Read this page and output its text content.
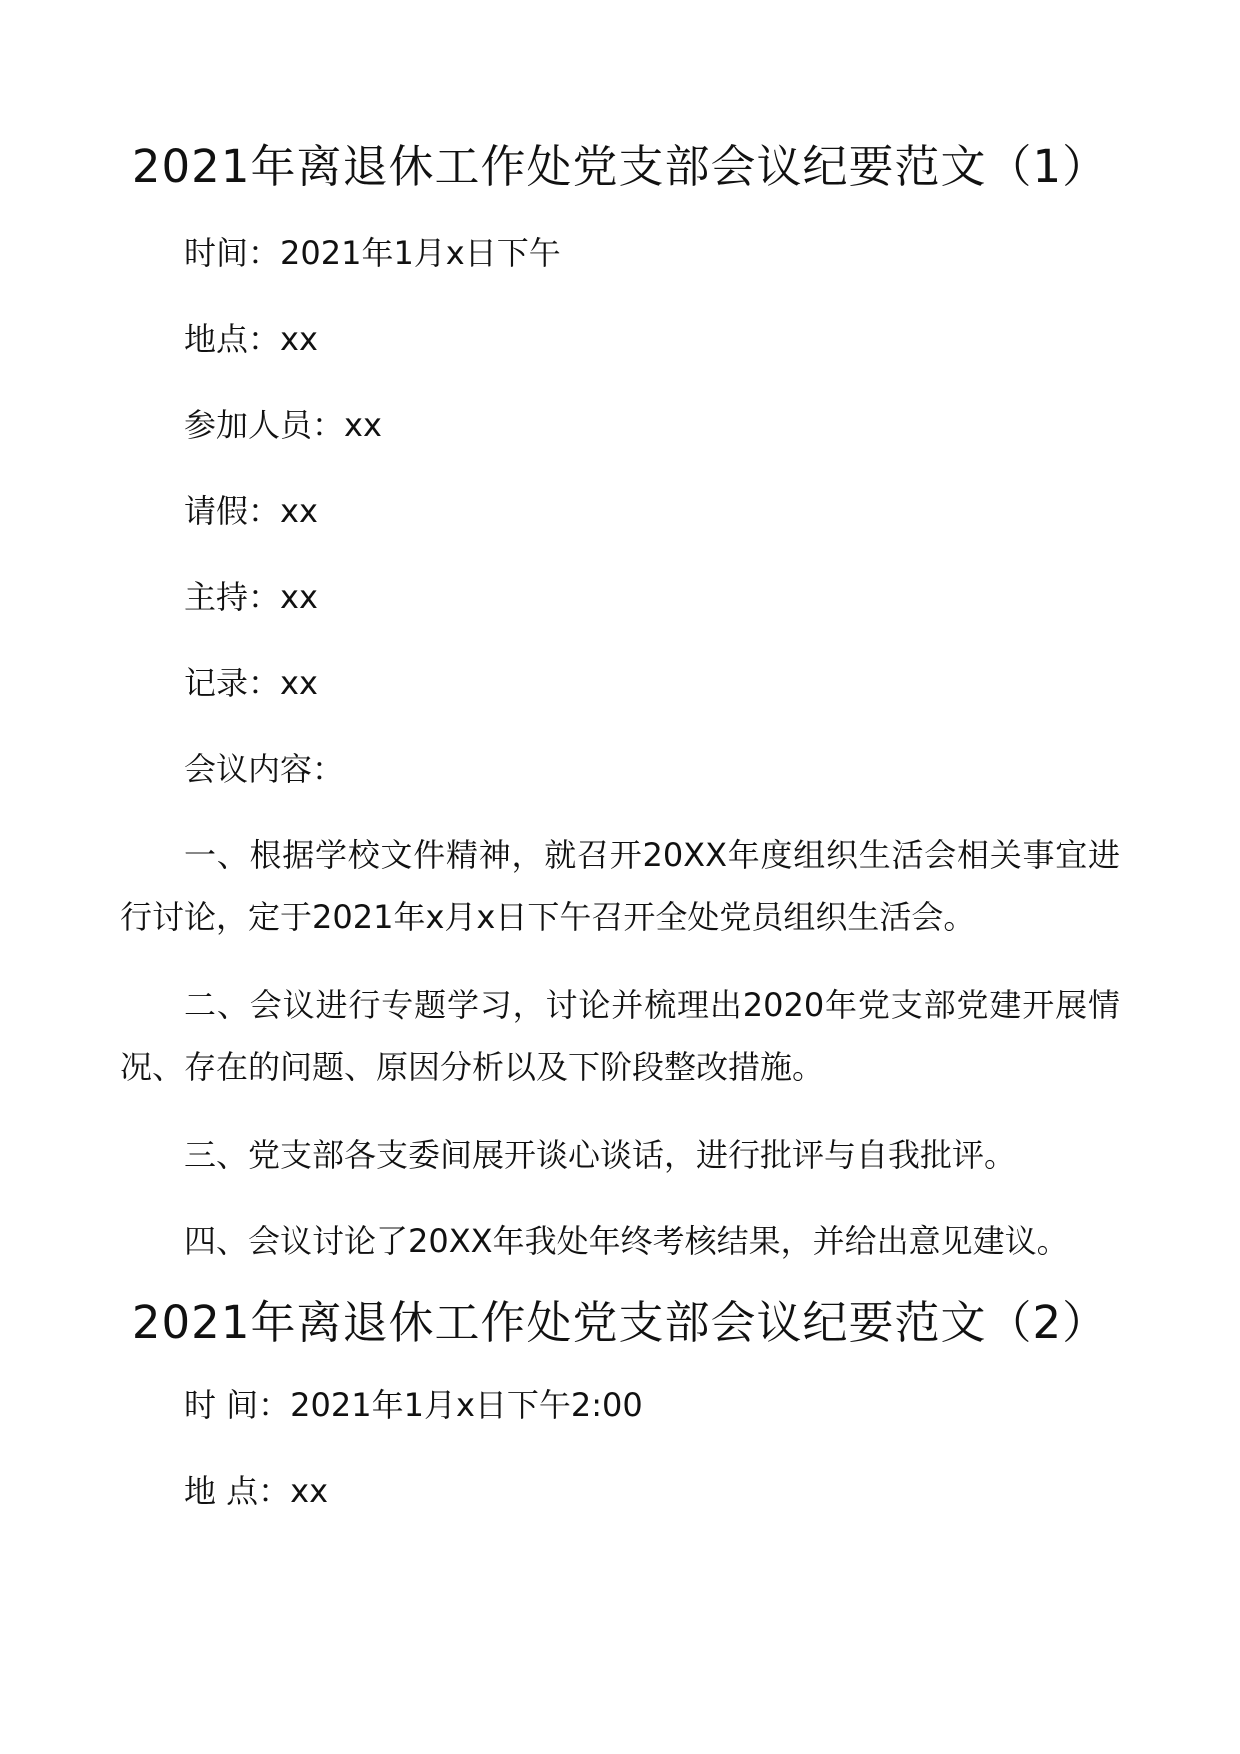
2021年离退休工作处党支部会议纪要范文（1）

时间：2021年1月x日下午

地点：xx

参加人员：xx

请假：xx

主持：xx

记录：xx

会议内容：

一、根据学校文件精神，就召开20XX年度组织生活会相关事宜进行讨论，定于2021年x月x日下午召开全处党员组织生活会。

二、会议进行专题学习，讨论并梳理出2020年党支部党建开展情况、存在的问题、原因分析以及下阶段整改措施。

三、党支部各支委间展开谈心谈话，进行批评与自我批评。

四、会议讨论了20XX年我处年终考核结果，并给出意见建议。

2021年离退休工作处党支部会议纪要范文（2）

时 间：2021年1月x日下午2:00

地 点：xx
